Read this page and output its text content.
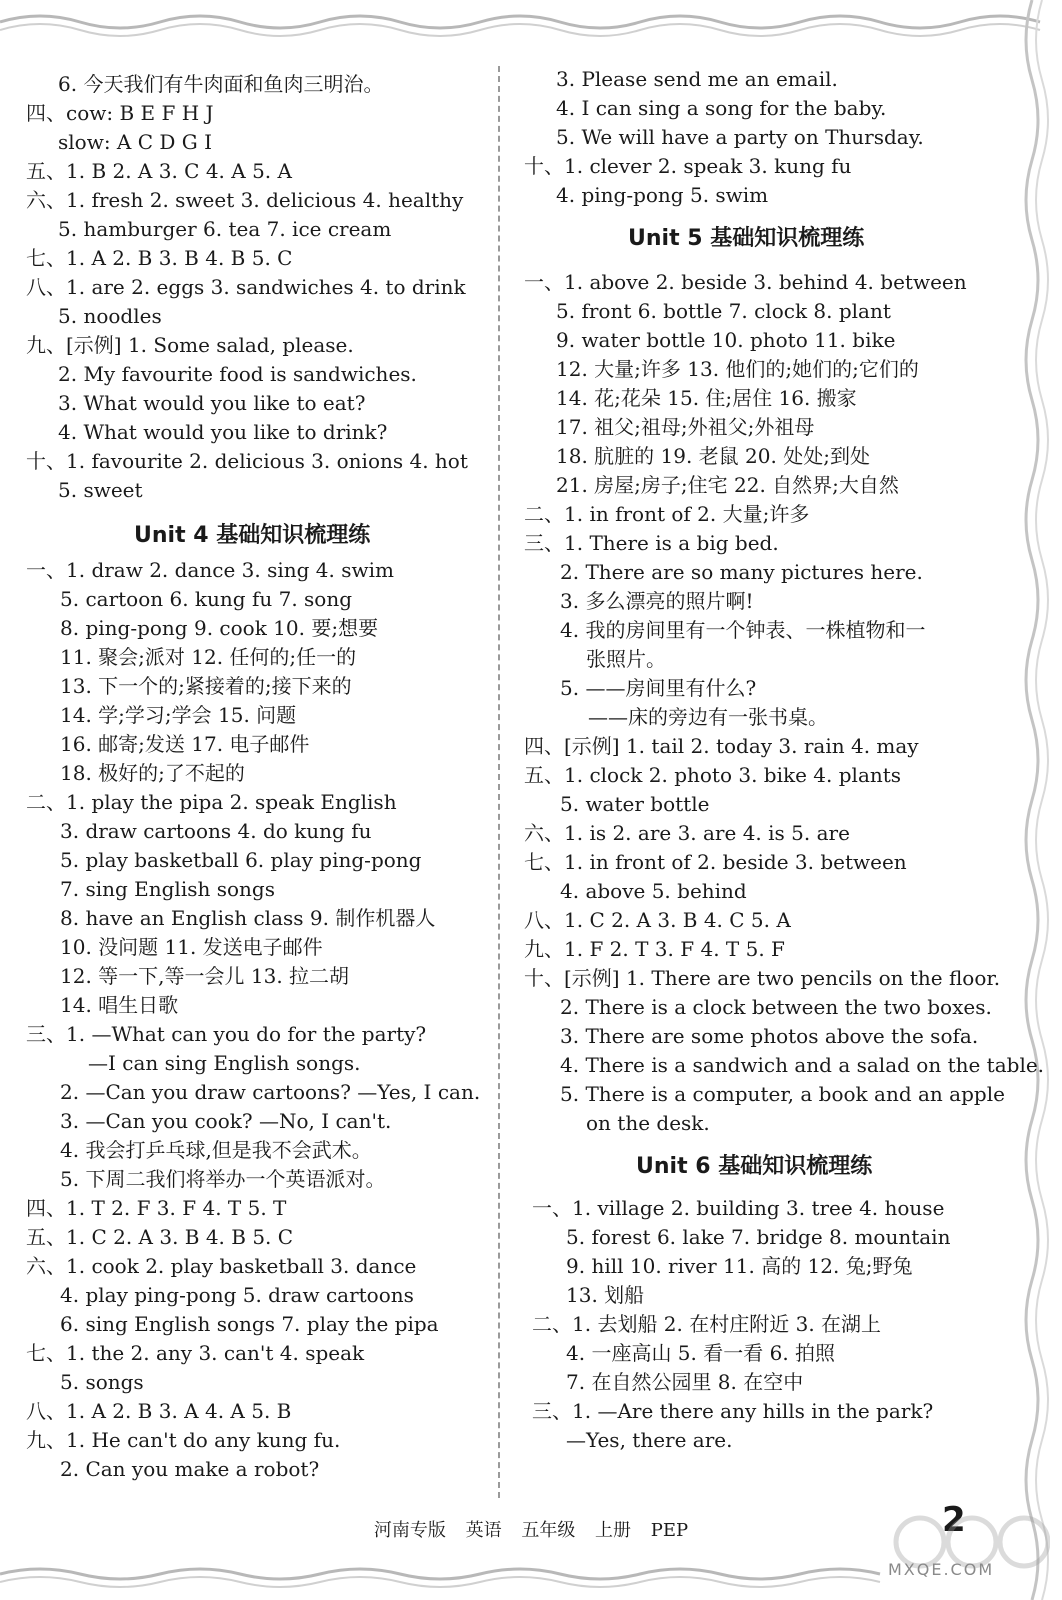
6. 今天我们有牛肉面和鱼肉三明治。
四、cow: B E F H J
slow: A C D G I
五、1. B 2. A 3. C 4. A 5. A
六、1. fresh 2. sweet 3. delicious 4. healthy
5. hamburger 6. tea 7. ice cream
七、1. A 2. B 3. B 4. B 5. C
八、1. are 2. eggs 3. sandwiches 4. to drink
5. noodles
九、[示例] 1. Some salad, please.
2. My favourite food is sandwiches.
3. What would you like to eat?
4. What would you like to drink?
十、1. favourite 2. delicious 3. onions 4. hot
5. sweet
一、1. draw 2. dance 3. sing 4. swim
5. cartoon 6. kung fu 7. song
8. ping-pong 9. cook 10. 要;想要
11. 聚会;派对 12. 任何的;任一的
13. 下一个的;紧接着的;接下来的
14. 学;学习;学会 15. 问题
16. 邮寄;发送 17. 电子邮件
18. 极好的;了不起的
二、1. play the pipa 2. speak English
3. draw cartoons 4. do kung fu
5. play basketball 6. play ping-pong
7. sing English songs
8. have an English class 9. 制作机器人
10. 没问题 11. 发送电子邮件
12. 等一下,等一会儿 13. 拉二胡
14. 唱生日歌
三、1. —What can you do for the party?
—I can sing English songs.
2. —Can you draw cartoons? —Yes, I can.
3. —Can you cook? —No, I can't.
4. 我会打乒乓球,但是我不会武术。
5. 下周二我们将举办一个英语派对。
四、1. T 2. F 3. F 4. T 5. T
五、1. C 2. A 3. B 4. B 5. C
六、1. cook 2. play basketball 3. dance
4. play ping-pong 5. draw cartoons
6. sing English songs 7. play the pipa
七、1. the 2. any 3. can't 4. speak
5. songs
八、1. A 2. B 3. A 4. A 5. B
九、1. He can't do any kung fu.
2. Can you make a robot?
Unit 4 基础知识梳理练
3. Please send me an email.
4. I can sing a song for the baby.
5. We will have a party on Thursday.
十、1. clever 2. speak 3. kung fu
4. ping-pong 5. swim
一、1. above 2. beside 3. behind 4. between
5. front 6. bottle 7. clock 8. plant
9. water bottle 10. photo 11. bike
12. 大量;许多 13. 他们的;她们的;它们的
14. 花;花朵 15. 住;居住 16. 搬家
17. 祖父;祖母;外祖父;外祖母
18. 肮脏的 19. 老鼠 20. 处处;到处
21. 房屋;房子;住宅 22. 自然界;大自然
二、1. in front of 2. 大量;许多
三、1. There is a big bed.
2. There are so many pictures here.
3. 多么漂亮的照片啊!
4. 我的房间里有一个钟表、一株植物和一
张照片。
5. ——房间里有什么?
——床的旁边有一张书桌。
四、[示例] 1. tail 2. today 3. rain 4. may
五、1. clock 2. photo 3. bike 4. plants
5. water bottle
六、1. is 2. are 3. are 4. is 5. are
七、1. in front of 2. beside 3. between
4. above 5. behind
八、1. C 2. A 3. B 4. C 5. A
九、1. F 2. T 3. F 4. T 5. F
十、[示例] 1. There are two pencils on the floor.
2. There is a clock between the two boxes.
3. There are some photos above the sofa.
4. There is a sandwich and a salad on the table.
5. There is a computer, a book and an apple
on the desk.
一、1. village 2. building 3. tree 4. house
5. forest 6. lake 7. bridge 8. mountain
9. hill 10. river 11. 高的 12. 兔;野兔
13. 划船
二、1. 去划船 2. 在村庄附近 3. 在湖上
4. 一座高山 5. 看一看 6. 拍照
7. 在自然公园里 8. 在空中
三、1. —Are there any hills in the park?
—Yes, there are.
Unit 5 基础知识梳理练
Unit 6 基础知识梳理练
河南专版 英语 五年级 上册 PEP	2
MXQE.COM
